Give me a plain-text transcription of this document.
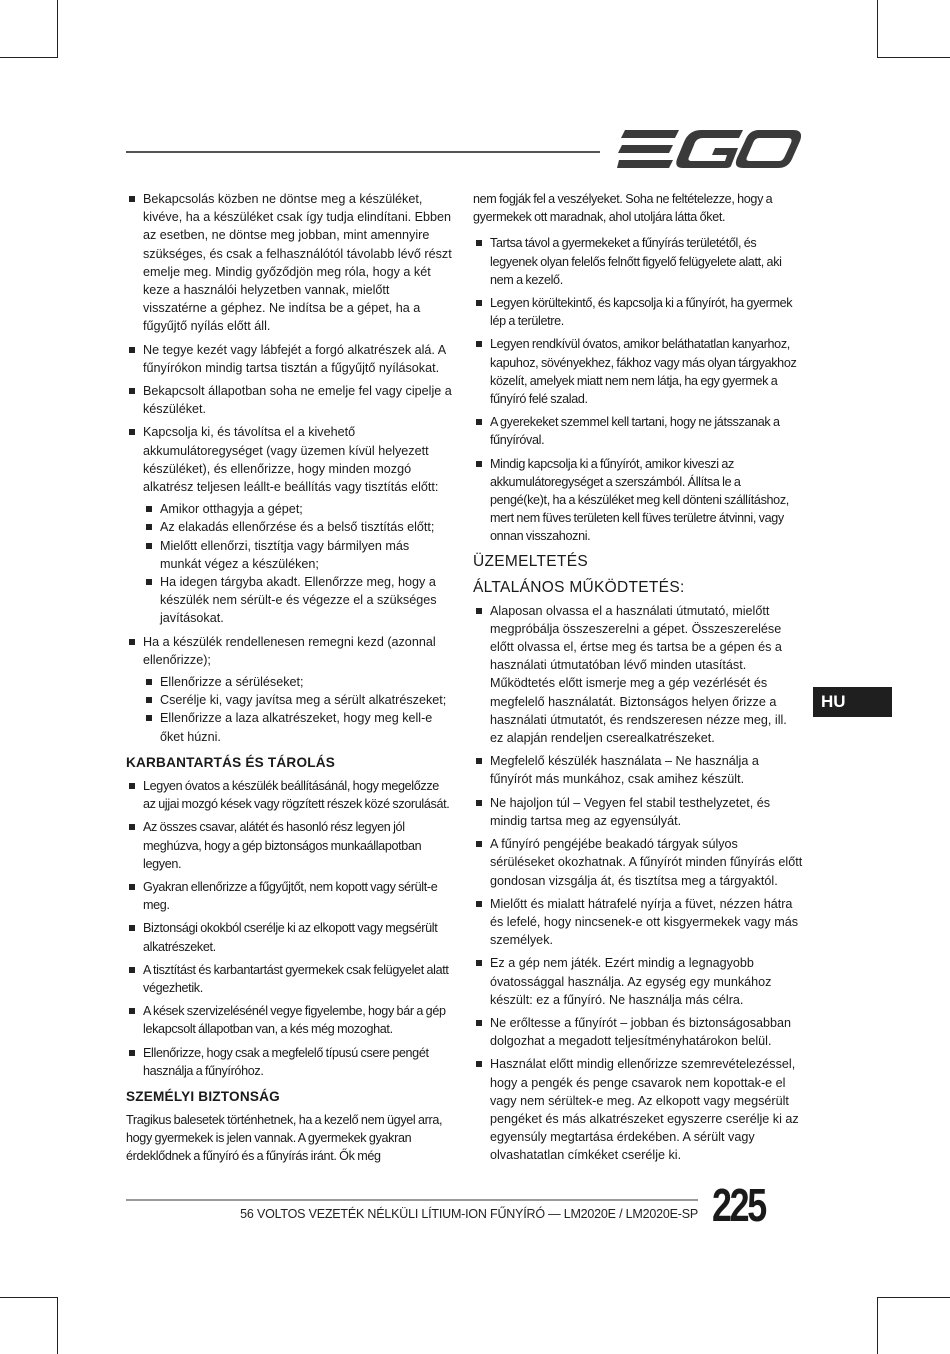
Bekapcsolás közben ne döntse meg a készüléket, kivéve, ha a készüléket csak így tudja elindítani. Ebben az esetben, ne döntse meg jobban, mint amennyire szükséges, és csak a felhasználótól távolabb lévő részt emelje meg. Mindig győződjön meg róla, hogy a két keze a használói helyzetben vannak, mielőtt visszatérne a géphez. Ne indítsa be a gépet, ha a fűgyűjtő nyílás előtt áll.
Ne tegye kezét vagy lábfejét a forgó alkatrészek alá. A fűnyírókon mindig tartsa tisztán a fűgyűjtő nyílásokat.
Bekapcsolt állapotban soha ne emelje fel vagy cipelje a készüléket.
Kapcsolja ki, és távolítsa el a kivehető akkumulátoregységet (vagy üzemen kívül helyezett készüléket), és ellenőrizze, hogy minden mozgó alkatrész teljesen leállt-e beállítás vagy tisztítás előtt:
Amikor otthagyja a gépet;
Az elakadás ellenőrzése és a belső tisztítás előtt;
Mielőtt ellenőrzi, tisztítja vagy bármilyen más munkát végez a készüléken;
Ha idegen tárgyba akadt. Ellenőrzze meg, hogy a készülék nem sérült-e és végezze el a szükséges javításokat.
Ha a készülék rendellenesen remegni kezd (azonnal ellenőrizze);
Ellenőrizze a sérüléseket;
Cserélje ki, vagy javítsa meg a sérült alkatrészeket;
Ellenőrizze a laza alkatrészeket, hogy meg kell-e őket húzni.
KARBANTARTÁS ÉS TÁROLÁS
Legyen óvatos a készülék beállításánál, hogy megelőzze az ujjai mozgó kések vagy rögzített részek közé szorulását.
Az összes csavar, alátét és hasonló rész legyen jól meghúzva, hogy a gép biztonságos munkaállapotban legyen.
Gyakran ellenőrizze a fűgyűjtőt, nem kopott vagy sérült-e meg.
Biztonsági okokból cserélje ki az elkopott vagy megsérült alkatrészeket.
A tisztítást és karbantartást gyermekek csak felügyelet alatt végezhetik.
A kések szervizelésénél vegye figyelembe, hogy bár a gép lekapcsolt állapotban van, a kés még mozoghat.
Ellenőrizze, hogy csak a megfelelő típusú csere pengét használja a fűnyíróhoz.
SZEMÉLYI BIZTONSÁG

Tragikus balesetek történhetnek, ha a kezelő nem ügyel arra, hogy gyermekek is jelen vannak. A gyermekek gyakran érdeklődnek a fűnyíró és a fűnyírás iránt. Ők még

nem fogják fel a veszélyeket. Soha ne feltételezze, hogy a gyermekek ott maradnak, ahol utoljára látta őket.

Tartsa távol a gyermekeket a fűnyírás területétől, és legyenek olyan felelős felnőtt figyelő felügyelete alatt, aki nem a kezelő.
Legyen körültekintő, és kapcsolja ki a fűnyírót, ha gyermek lép a területre.
Legyen rendkívül óvatos, amikor beláthatatlan kanyarhoz, kapuhoz, sövényekhez, fákhoz vagy más olyan tárgyakhoz közelít, amelyek miatt nem nem látja, ha egy gyermek a fűnyíró felé szalad.
A gyerekeket szemmel kell tartani, hogy ne játsszanak a fűnyíróval.
Mindig kapcsolja ki a fűnyírót, amikor kiveszi az akkumulátoregységet a szerszámból. Állítsa le a pengé(ke)t, ha a készüléket meg kell dönteni szállításhoz, mert nem füves területen kell füves területre átvinni, vagy onnan visszahozni.
ÜZEMELTETÉS
ÁLTALÁNOS MŰKÖDTETÉS:
Alaposan olvassa el a használati útmutató, mielőtt megpróbálja összeszerelni a gépet. Összeszerelése előtt olvassa el, értse meg és tartsa be a gépen és a használati útmutatóban lévő minden utasítást. Működtetés előtt ismerje meg a gép vezérlését és megfelelő használatát. Biztonságos helyen őrizze a használati útmutatót, és rendszeresen nézze meg, ill. ez alapján rendeljen cserealkatrészeket.
Megfelelő készülék használata – Ne használja a fűnyírót más munkához, csak amihez készült.
Ne hajoljon túl – Vegyen fel stabil testhelyzetet, és mindig tartsa meg az egyensúlyát.
A fűnyíró pengéjébe beakadó tárgyak súlyos sérüléseket okozhatnak. A fűnyírót minden fűnyírás előtt gondosan vizsgálja át, és tisztítsa meg a tárgyaktól.
Mielőtt és mialatt hátrafelé nyírja a füvet, nézzen hátra és lefelé, hogy nincsenek-e ott kisgyermekek vagy más személyek.
Ez a gép nem játék. Ezért mindig a legnagyobb óvatossággal használja. Az egység egy munkához készült: ez a fűnyíró. Ne használja más célra.
Ne erőltesse a fűnyírót – jobban és biztonságosabban dolgozhat a megadott teljesítményhatárokon belül.
Használat előtt mindig ellenőrizze szemrevételezéssel, hogy a pengék és penge csavarok nem kopottak-e el vagy nem sérültek-e meg. Az elkopott vagy megsérült pengéket és más alkatrészeket egyszerre cserélje ki az egyensúly megtartása érdekében. A sérült vagy olvashatatlan címkéket cserélje ki.
HU
56 VOLTOS VEZETÉK NÉLKÜLI LÍTIUM-ION FŰNYÍRÓ — LM2020E / LM2020E-SP 225
